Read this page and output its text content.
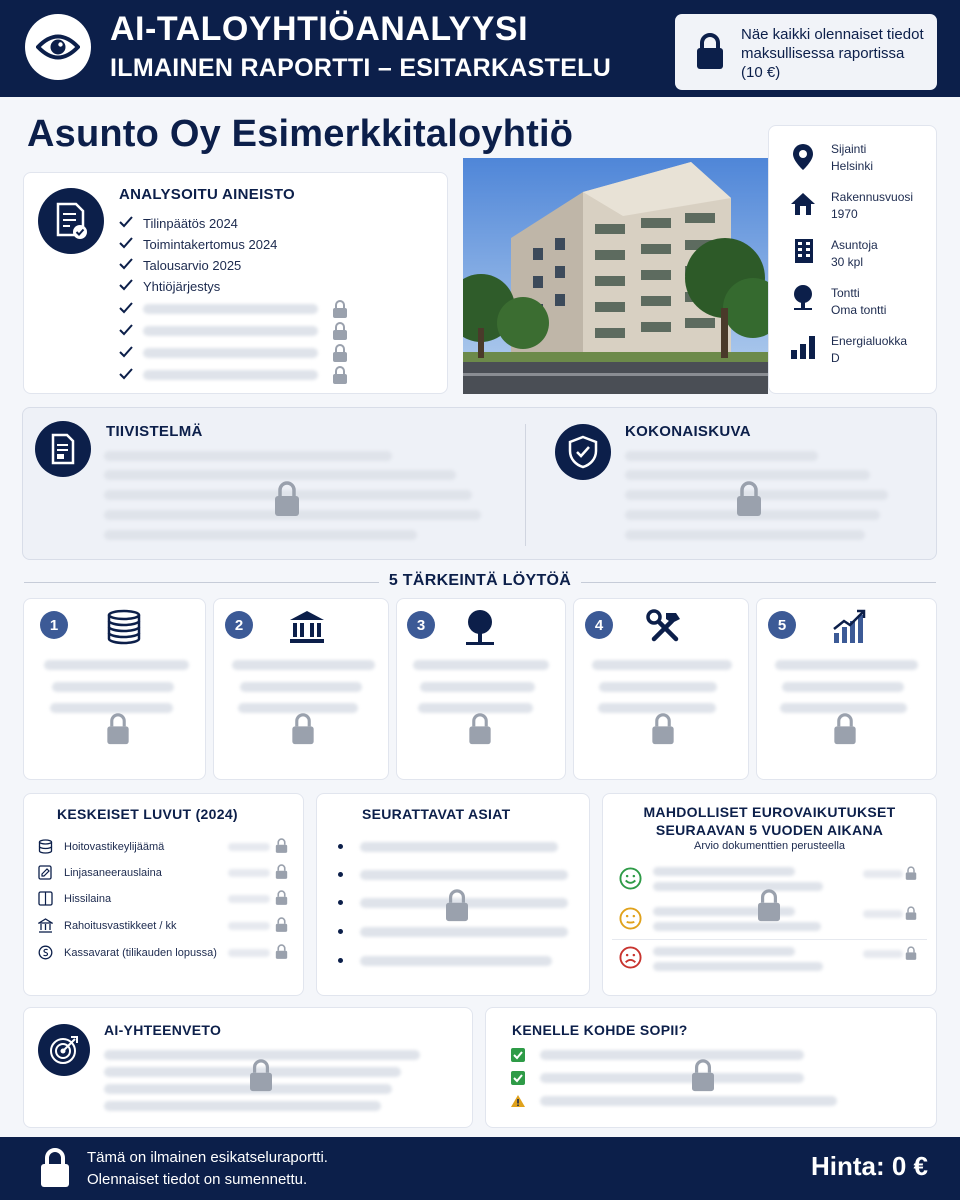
AI-TALOYHTIÖANALYYSI
ILMAINEN RAPORTTI – ESITARKASTELU
Näe kaikki olennaiset tiedot maksullisessa raportissa (10 €)
Asunto Oy Esimerkkitaloyhtiö
ANALYSOITU AINEISTO
Tilinpäätös 2024
Toimintakertomus 2024
Talousarvio 2025
Yhtiöjärjestys
Sijainti
Helsinki
Rakennusvuosi
1970
Asuntoja
30 kpl
Tontti
Oma tontti
Energialuokka
D
TIIVISTELMÄ	KOKONAISKUVA
5 TÄRKEINTÄ LÖYTÖÄ
1	2	3	4	5
KESKEISET LUVUT (2024)
Hoitovastikeylijäämä
Linjasaneerauslaina
Hissilaina
Rahoitusvastikkeet / kk
Kassavarat (tilikauden lopussa)
SEURATTAVAT ASIAT	MAHDOLLISET EUROVAIKUTUKSET
SEURAAVAN 5 VUODEN AIKANA
Arvio dokumenttien perusteella
AI-YHTEENVETO	KENELLE KOHDE SOPII?
Tämä on ilmainen esikatseluraportti.
Olennaiset tiedot on sumennettu.	Hinta: 0 €
